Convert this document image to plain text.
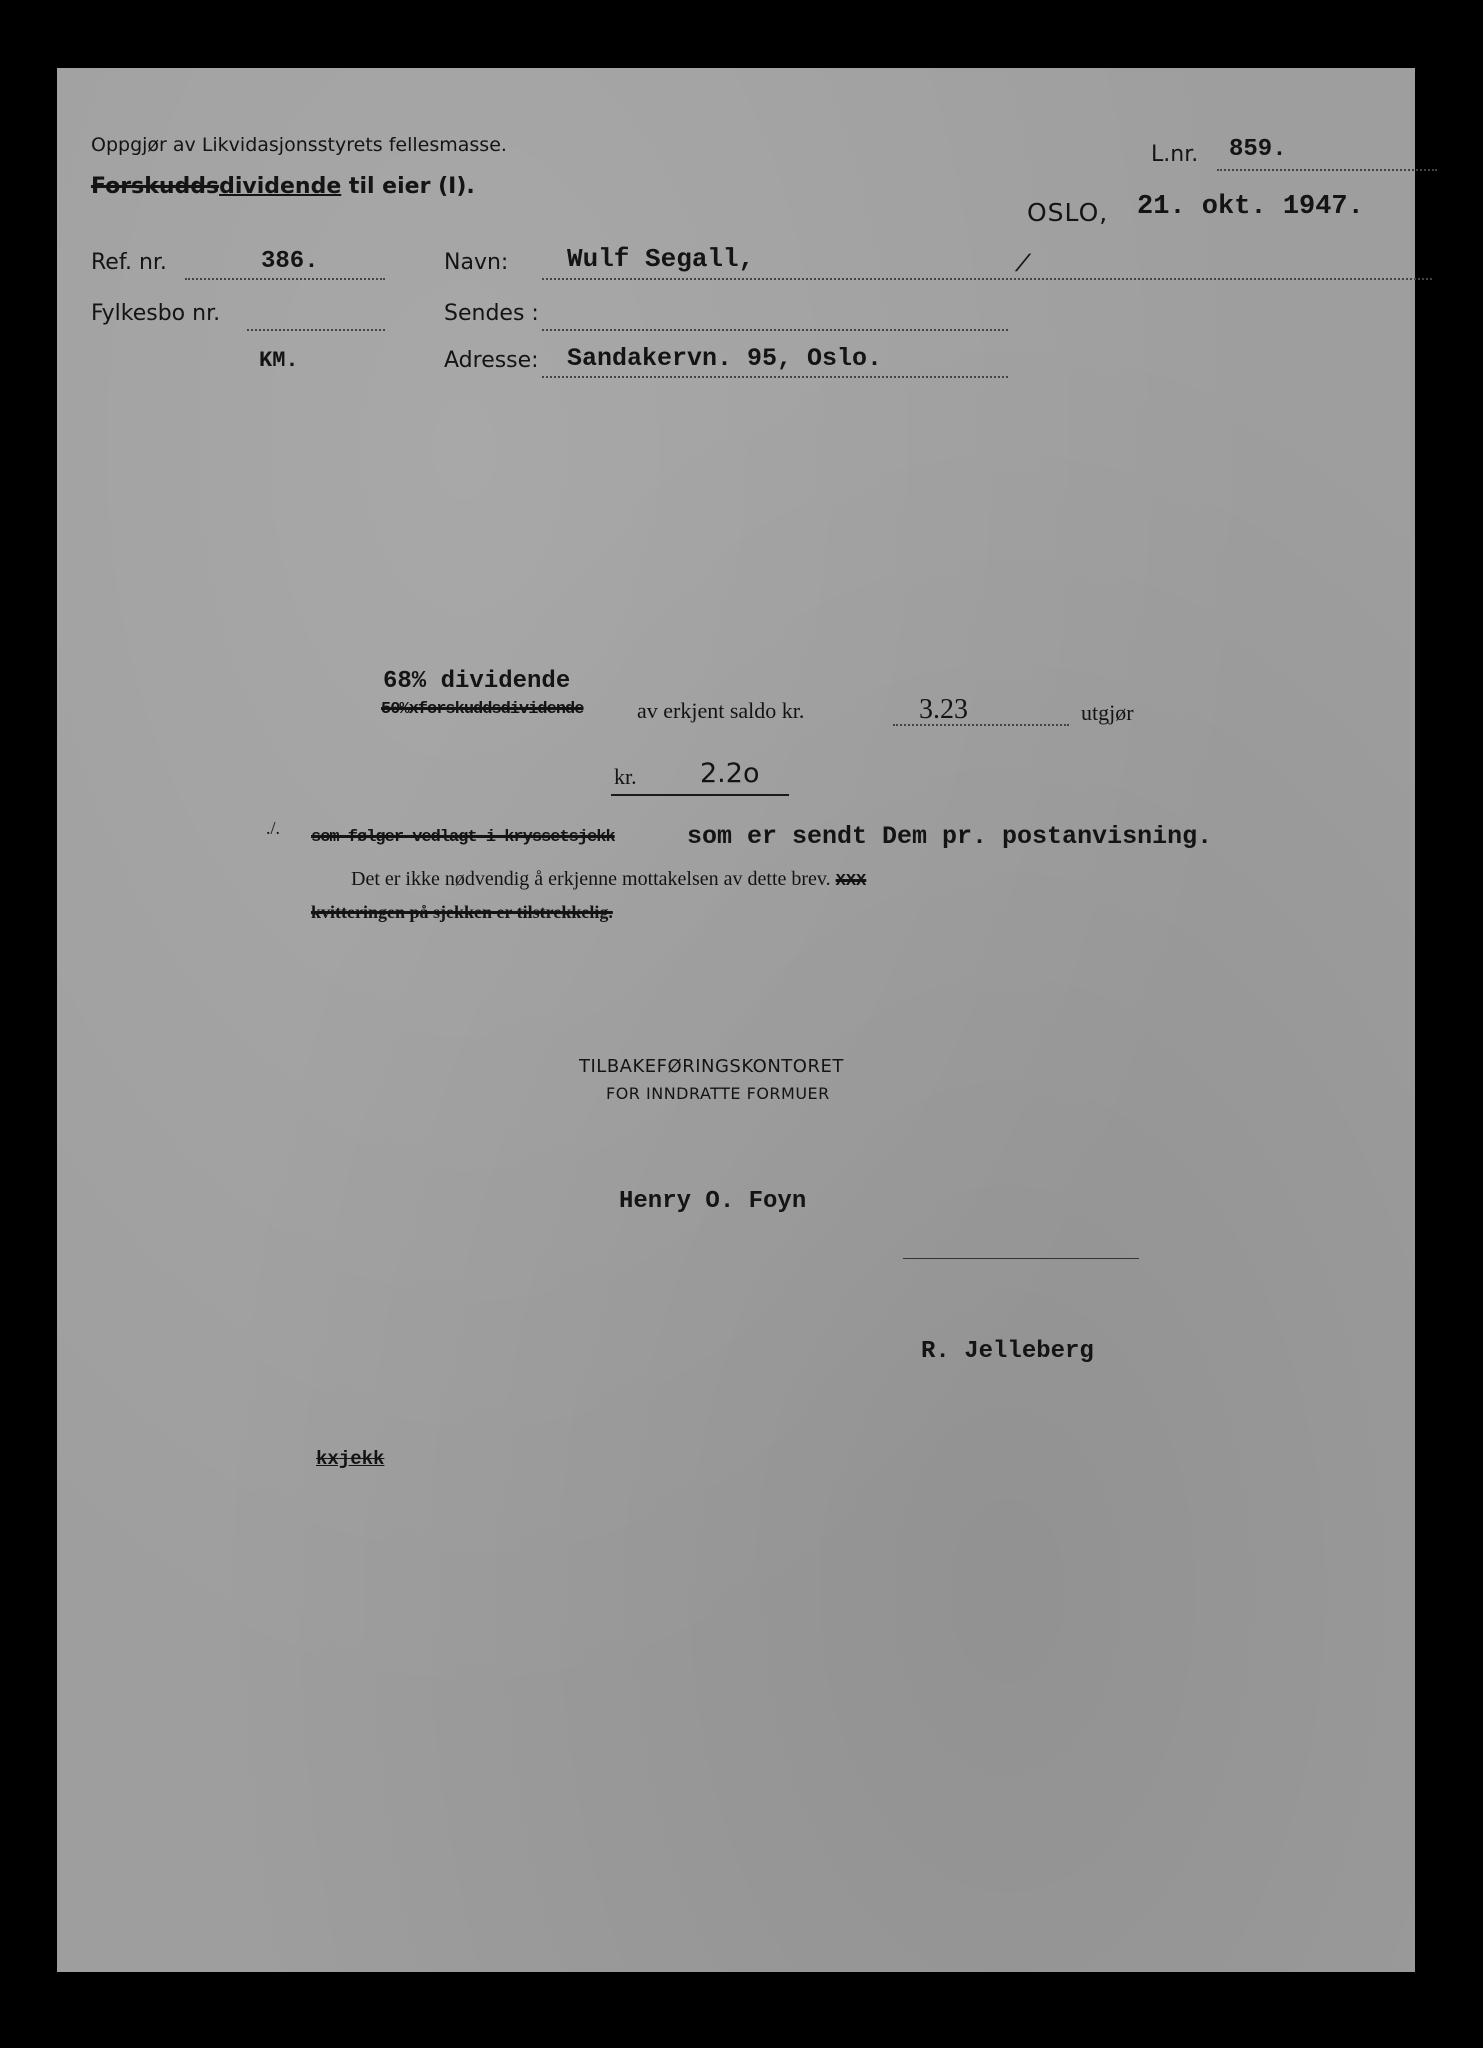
Oppgjør av Likvidasjonsstyrets fellesmasse.
Forskuddsdividende til eier (I).
L.nr. 859.
OSLO, 21. okt. 1947.
Ref. nr.	386.
Fylkesbo nr.
KM.
Navn: Wulf Segall,	/
Sendes :
Adresse: Sandakervn. 95, Oslo.
68% dividende
50%xforskuddsdividende av erkjent saldo kr.	3.23	utgjør
kr. 2.2o
./. som følger vedlagt i kryssetsjekk	som er sendt Dem pr. postanvisning.
Det er ikke nødvendig å erkjenne mottakelsen av dette brev. XXX
kvitteringen på sjekken er tilstrekkelig.
TILBAKEFØRINGSKONTORET
FOR INNDRATTE FORMUER
Henry O. Foyn
R. Jelleberg
kxjekk
